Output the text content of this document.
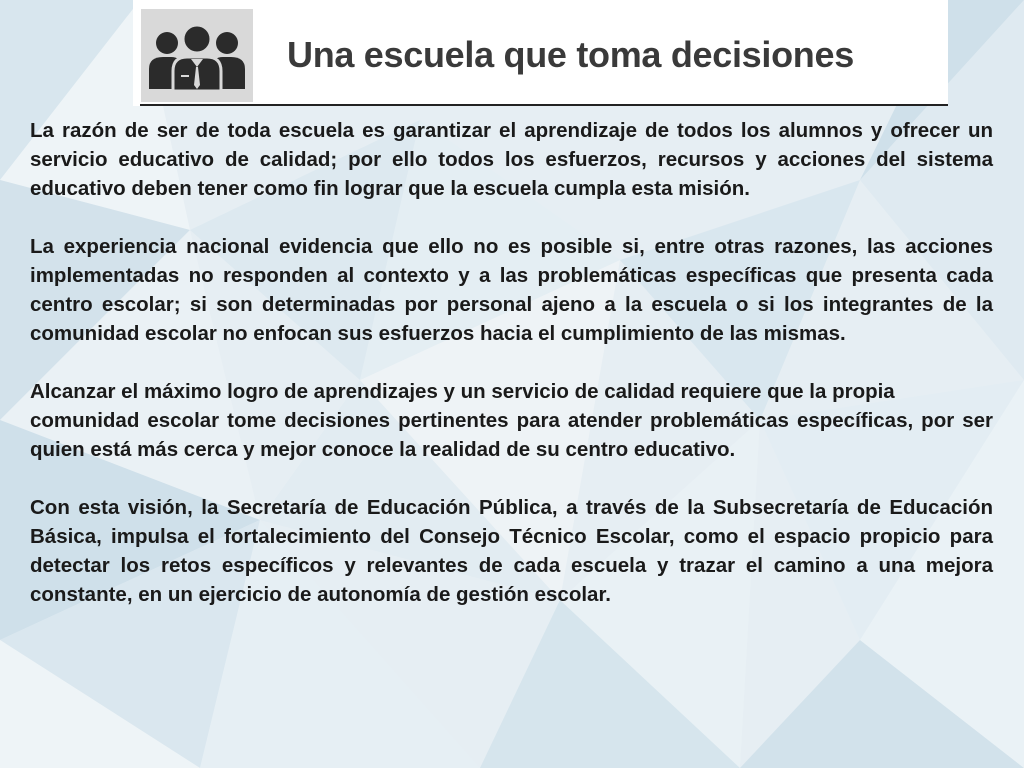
Una escuela que toma decisiones

La razón de ser de toda escuela es garantizar el aprendizaje de todos los alumnos y ofrecer un servicio educativo de calidad; por ello todos los esfuerzos, recursos y acciones del sistema educativo deben tener como fin lograr que la escuela cumpla esta misión.

La experiencia nacional evidencia que ello no es posible si, entre otras razones, las acciones implementadas no responden al contexto y a las problemáticas específicas que presenta cada centro escolar; si son determinadas por personal ajeno a la escuela o si los integrantes de la comunidad escolar no enfocan sus esfuerzos hacia el cumplimiento de las mismas.

Alcanzar el máximo logro de aprendizajes y un servicio de calidad requiere que la propia
comunidad escolar tome decisiones pertinentes para atender problemáticas específicas, por ser quien está más cerca y mejor conoce la realidad de su centro educativo.

Con esta visión, la Secretaría de Educación Pública, a través de la Subsecretaría de Educación Básica, impulsa el fortalecimiento del Consejo Técnico Escolar, como el espacio propicio para detectar los retos específicos y relevantes de cada escuela y trazar el camino a una mejora constante, en un ejercicio de autonomía de gestión escolar.
